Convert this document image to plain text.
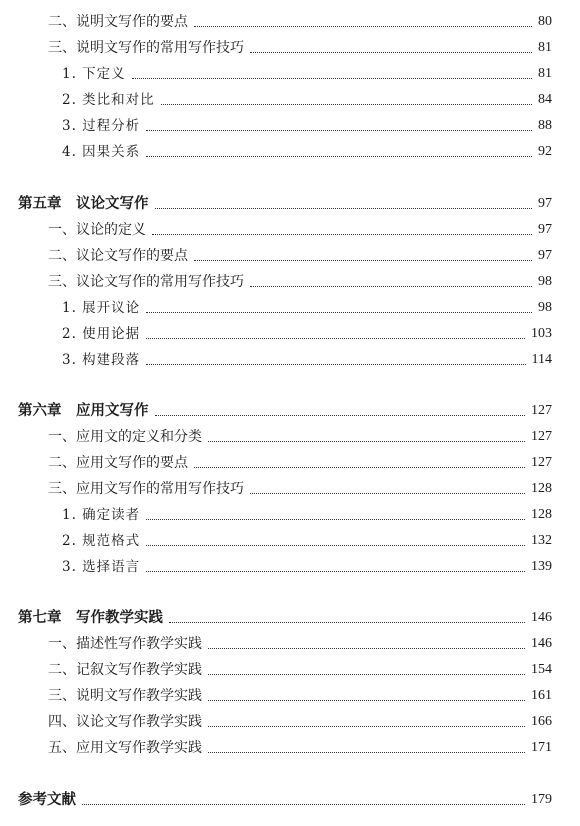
二、说明文写作的要点	80
三、说明文写作的常用写作技巧	81
1. 下定义	81
2. 类比和对比	84
3. 过程分析	88
4. 因果关系	92
第五章　议论文写作	97
一、议论的定义	97
二、议论文写作的要点	97
三、议论文写作的常用写作技巧	98
1. 展开议论	98
2. 使用论据	103
3. 构建段落	114
第六章　应用文写作	127
一、应用文的定义和分类	127
二、应用文写作的要点	127
三、应用文写作的常用写作技巧	128
1. 确定读者	128
2. 规范格式	132
3. 选择语言	139
第七章　写作教学实践	146
一、描述性写作教学实践	146
二、记叙文写作教学实践	154
三、说明文写作教学实践	161
四、议论文写作教学实践	166
五、应用文写作教学实践	171
参考文献	179
